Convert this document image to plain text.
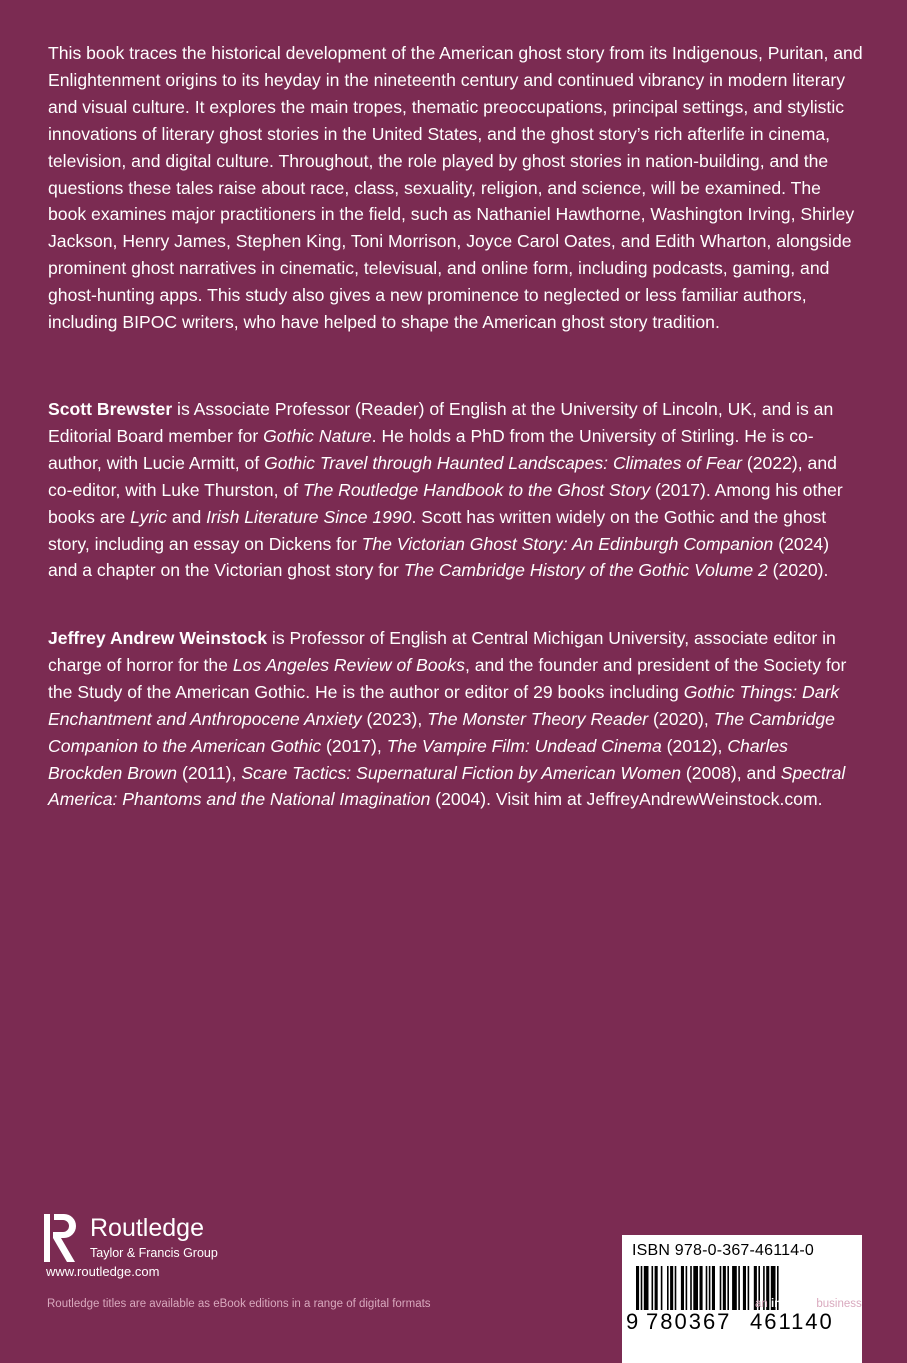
This book traces the historical development of the American ghost story from its Indigenous, Puritan, and Enlightenment origins to its heyday in the nineteenth century and continued vibrancy in modern literary and visual culture. It explores the main tropes, thematic preoccupations, principal settings, and stylistic innovations of literary ghost stories in the United States, and the ghost story’s rich afterlife in cinema, television, and digital culture. Throughout, the role played by ghost stories in nation-building, and the questions these tales raise about race, class, sexuality, religion, and science, will be examined. The book examines major practitioners in the field, such as Nathaniel Hawthorne, Washington Irving, Shirley Jackson, Henry James, Stephen King, Toni Morrison, Joyce Carol Oates, and Edith Wharton, alongside prominent ghost narratives in cinematic, televisual, and online form, including podcasts, gaming, and ghost-hunting apps. This study also gives a new prominence to neglected or less familiar authors, including BIPOC writers, who have helped to shape the American ghost story tradition.

Scott Brewster is Associate Professor (Reader) of English at the University of Lincoln, UK, and is an Editorial Board member for Gothic Nature. He holds a PhD from the University of Stirling. He is co-author, with Lucie Armitt, of Gothic Travel through Haunted Landscapes: Climates of Fear (2022), and co-editor, with Luke Thurston, of The Routledge Handbook to the Ghost Story (2017). Among his other books are Lyric and Irish Literature Since 1990. Scott has written widely on the Gothic and the ghost story, including an essay on Dickens for The Victorian Ghost Story: An Edinburgh Companion (2024) and a chapter on the Victorian ghost story for The Cambridge History of the Gothic Volume 2 (2020).

Jeffrey Andrew Weinstock is Professor of English at Central Michigan University, associate editor in charge of horror for the Los Angeles Review of Books, and the founder and president of the Society for the Study of the American Gothic. He is the author or editor of 29 books including Gothic Things: Dark Enchantment and Anthropocene Anxiety (2023), The Monster Theory Reader (2020), The Cambridge Companion to the American Gothic (2017), The Vampire Film: Undead Cinema (2012), Charles Brockden Brown (2011), Scare Tactics: Supernatural Fiction by American Women (2008), and Spectral America: Phantoms and the National Imagination (2004). Visit him at JeffreyAndrewWeinstock.com.

Routledge
Taylor & Francis Group
www.routledge.com
Routledge titles are available as eBook editions in a range of digital formats
ISBN 978-0-367-46114-0
9 780367 461140
an informa business
